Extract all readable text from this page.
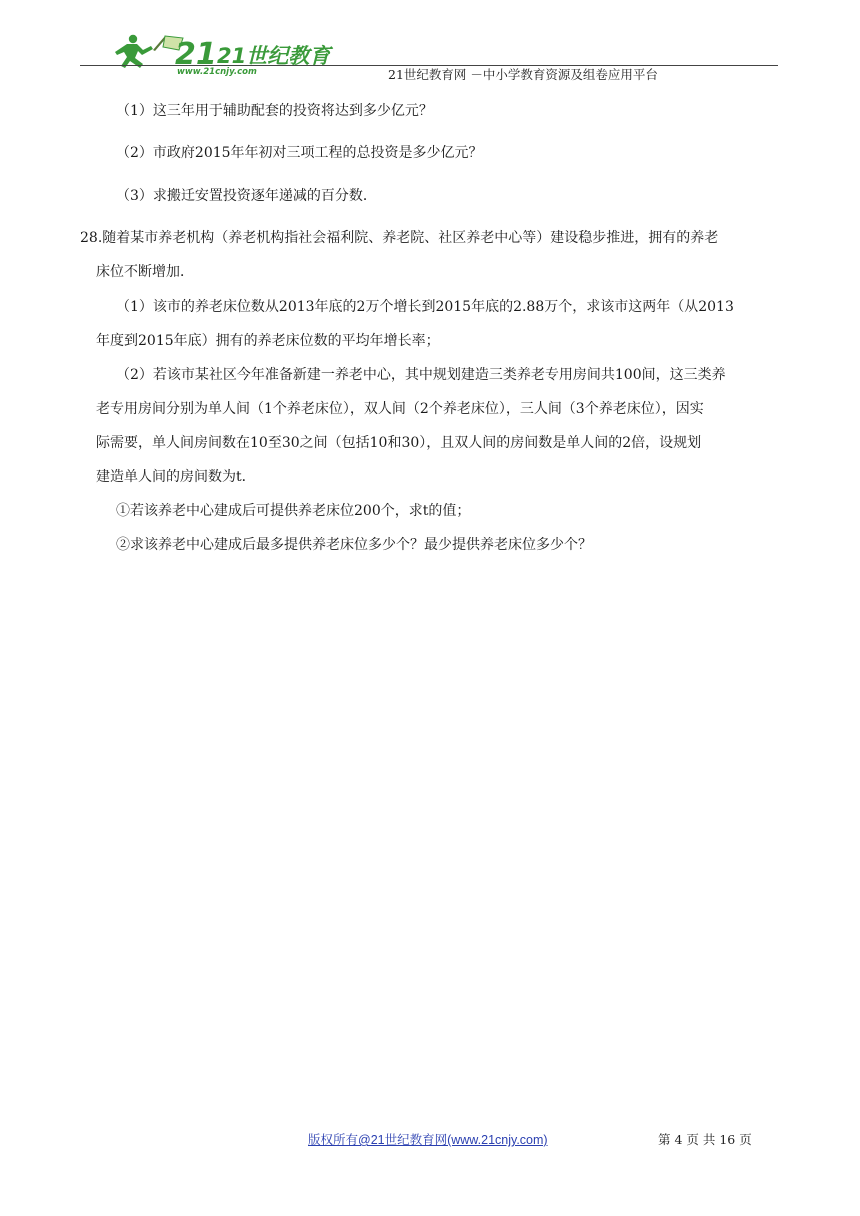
21 21世纪教育
www.21cnjy.com	21世纪教育网 －中小学教育资源及组卷应用平台
（1）这三年用于辅助配套的投资将达到多少亿元？
（2）市政府2015年年初对三项工程的总投资是多少亿元？
（3）求搬迁安置投资逐年递减的百分数．
28.随着某市养老机构（养老机构指社会福利院、养老院、社区养老中心等）建设稳步推进，拥有的养老
床位不断增加．
（1）该市的养老床位数从2013年底的2万个增长到2015年底的2.88万个，求该市这两年（从2013
年度到2015年底）拥有的养老床位数的平均年增长率；
（2）若该市某社区今年准备新建一养老中心，其中规划建造三类养老专用房间共100间，这三类养
老专用房间分别为单人间（1个养老床位），双人间（2个养老床位），三人间（3个养老床位），因实
际需要，单人间房间数在10至30之间（包括10和30），且双人间的房间数是单人间的2倍，设规划
建造单人间的房间数为t．
①若该养老中心建成后可提供养老床位200个，求t的值；
②求该养老中心建成后最多提供养老床位多少个？最少提供养老床位多少个？
版权所有@21世纪教育网(www.21cnjy.com)	第 4 页 共 16 页
